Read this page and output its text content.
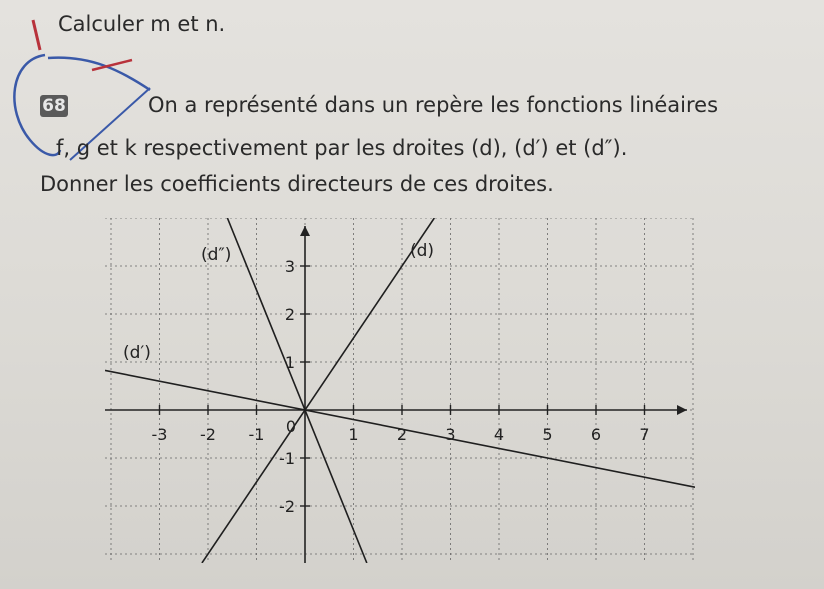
Calculer m et n.
68	On a représenté dans un repère les fonctions linéaires
f, g et k respectivement par les droites (d), (d′) et (d″).
Donner les coefficients directeurs de ces droites.
-3 -2 -1	1 2 3 4 5 6 7
3
2
1
-1
-2
0
(d)
(d′)
(d″)
